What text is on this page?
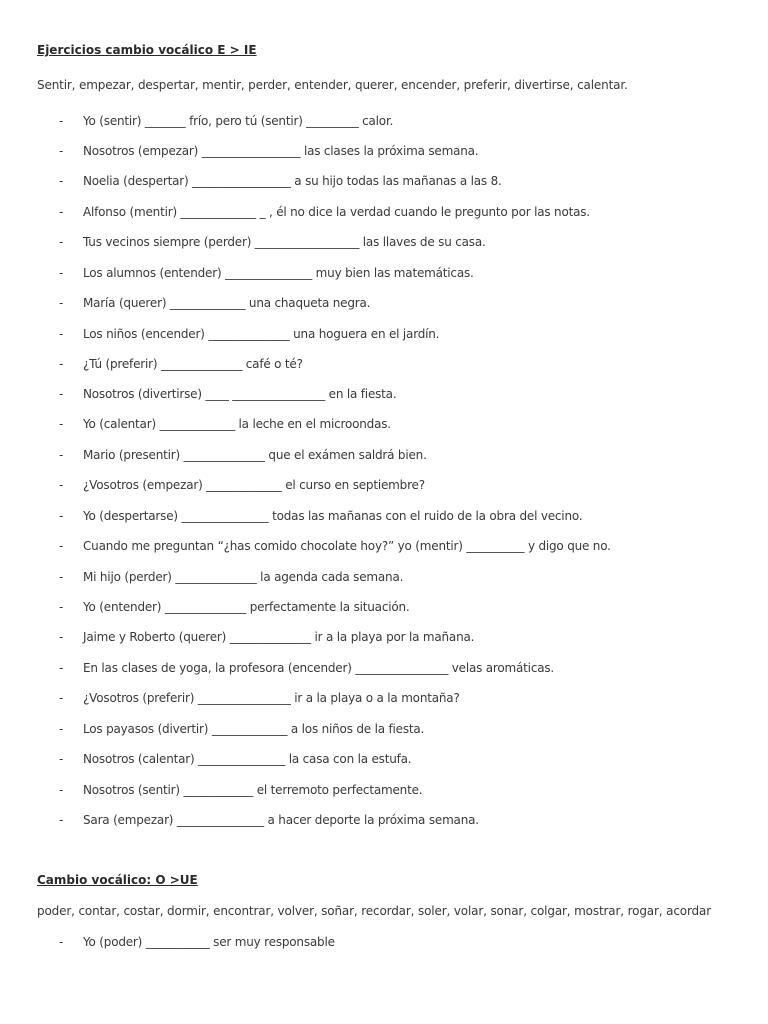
Ejercicios cambio vocálico E > IE
Sentir, empezar, despertar, mentir, perder, entender, querer, encender, preferir, divertirse, calentar.
- Yo (sentir) _______ frío, pero tú (sentir) _________ calor.
- Nosotros (empezar) _________________ las clases la próxima semana.
- Noelia (despertar) _________________ a su hijo todas las mañanas a las 8.
- Alfonso (mentir) _____________ _ , él no dice la verdad cuando le pregunto por las notas.
- Tus vecinos siempre (perder) __________________ las llaves de su casa.
- Los alumnos (entender) _______________ muy bien las matemáticas.
- María (querer) _____________ una chaqueta negra.
- Los niños (encender) ______________ una hoguera en el jardín.
- ¿Tú (preferir) ______________ café o té?
- Nosotros (divertirse) ____ ________________ en la fiesta.
- Yo (calentar) _____________ la leche en el microondas.
- Mario (presentir) ______________ que el exámen saldrá bien.
- ¿Vosotros (empezar) _____________ el curso en septiembre?
- Yo (despertarse) _______________ todas las mañanas con el ruido de la obra del vecino.
- Cuando me preguntan “¿has comido chocolate hoy?” yo (mentir) __________ y digo que no.
- Mi hijo (perder) ______________ la agenda cada semana.
- Yo (entender) ______________ perfectamente la situación.
- Jaime y Roberto (querer) ______________ ir a la playa por la mañana.
- En las clases de yoga, la profesora (encender) ________________ velas aromáticas.
- ¿Vosotros (preferir) ________________ ir a la playa o a la montaña?
- Los payasos (divertir) _____________ a los niños de la fiesta.
- Nosotros (calentar) _______________ la casa con la estufa.
- Nosotros (sentir) ____________ el terremoto perfectamente.
- Sara (empezar) _______________ a hacer deporte la próxima semana.
Cambio vocálico: O >UE
poder, contar, costar, dormir, encontrar, volver, soñar, recordar, soler, volar, sonar, colgar, mostrar, rogar, acordar
- Yo (poder) ___________ ser muy responsable
